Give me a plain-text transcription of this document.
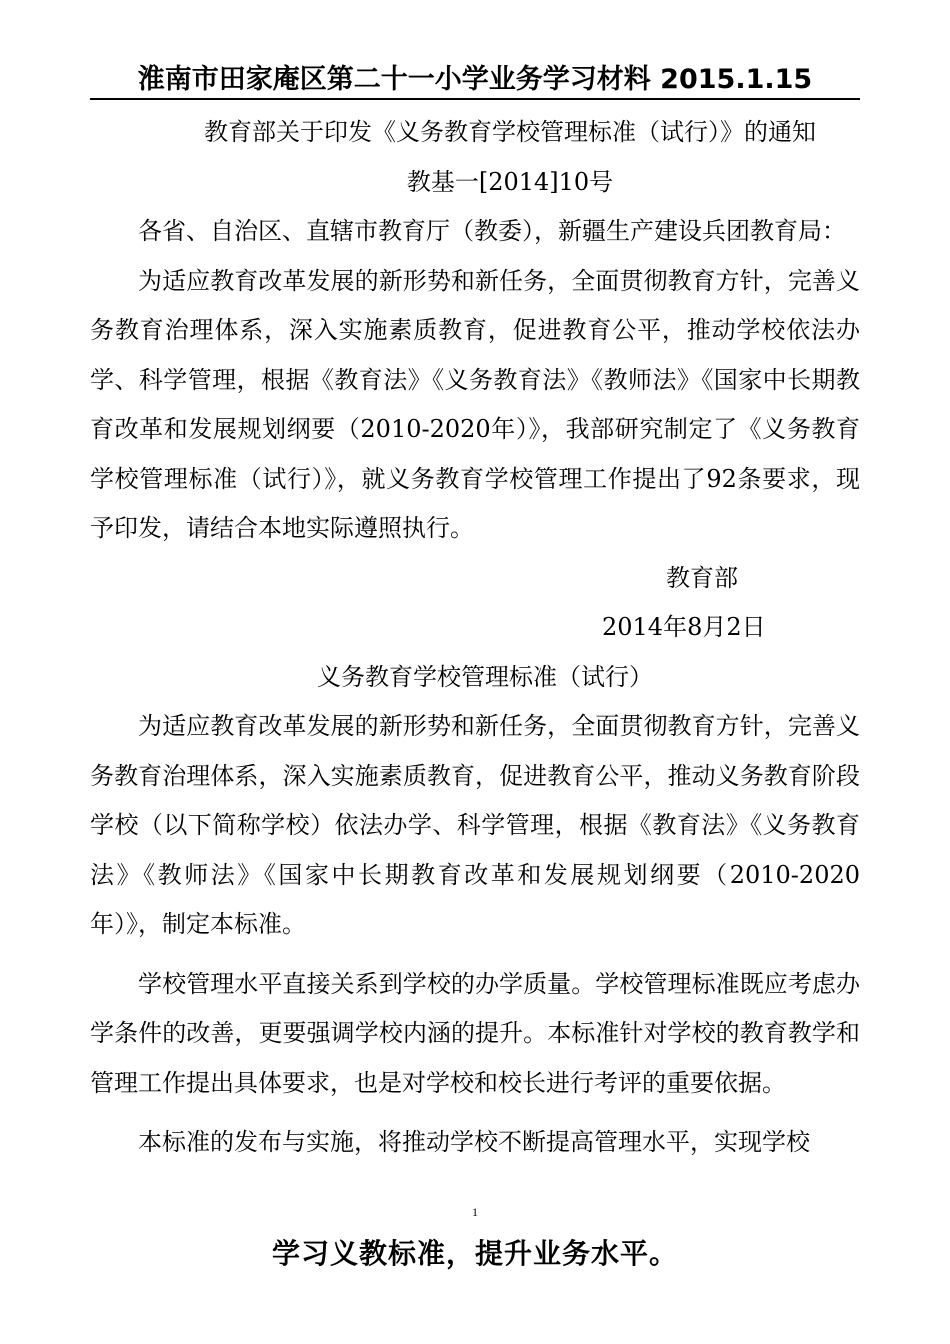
淮南市田家庵区第二十一小学业务学习材料 2015.1.15

教育部关于印发《义务教育学校管理标准（试行）》的通知

教基一[2014]10号

各省、自治区、直辖市教育厅（教委），新疆生产建设兵团教育局：

为适应教育改革发展的新形势和新任务，全面贯彻教育方针，完善义务教育治理体系，深入实施素质教育，促进教育公平，推动学校依法办学、科学管理，根据《教育法》《义务教育法》《教师法》《国家中长期教育改革和发展规划纲要（2010-2020年）》，我部研究制定了《义务教育学校管理标准（试行）》，就义务教育学校管理工作提出了92条要求，现予印发，请结合本地实际遵照执行。

教育部

2014年8月2日

义务教育学校管理标准（试行）

为适应教育改革发展的新形势和新任务，全面贯彻教育方针，完善义务教育治理体系，深入实施素质教育，促进教育公平，推动义务教育阶段学校（以下简称学校）依法办学、科学管理，根据《教育法》《义务教育法》《教师法》《国家中长期教育改革和发展规划纲要（2010-2020年）》，制定本标准。

学校管理水平直接关系到学校的办学质量。学校管理标准既应考虑办学条件的改善，更要强调学校内涵的提升。本标准针对学校的教育教学和管理工作提出具体要求，也是对学校和校长进行考评的重要依据。

本标准的发布与实施，将推动学校不断提高管理水平，实现学校

1
学习义教标准，提升业务水平。
